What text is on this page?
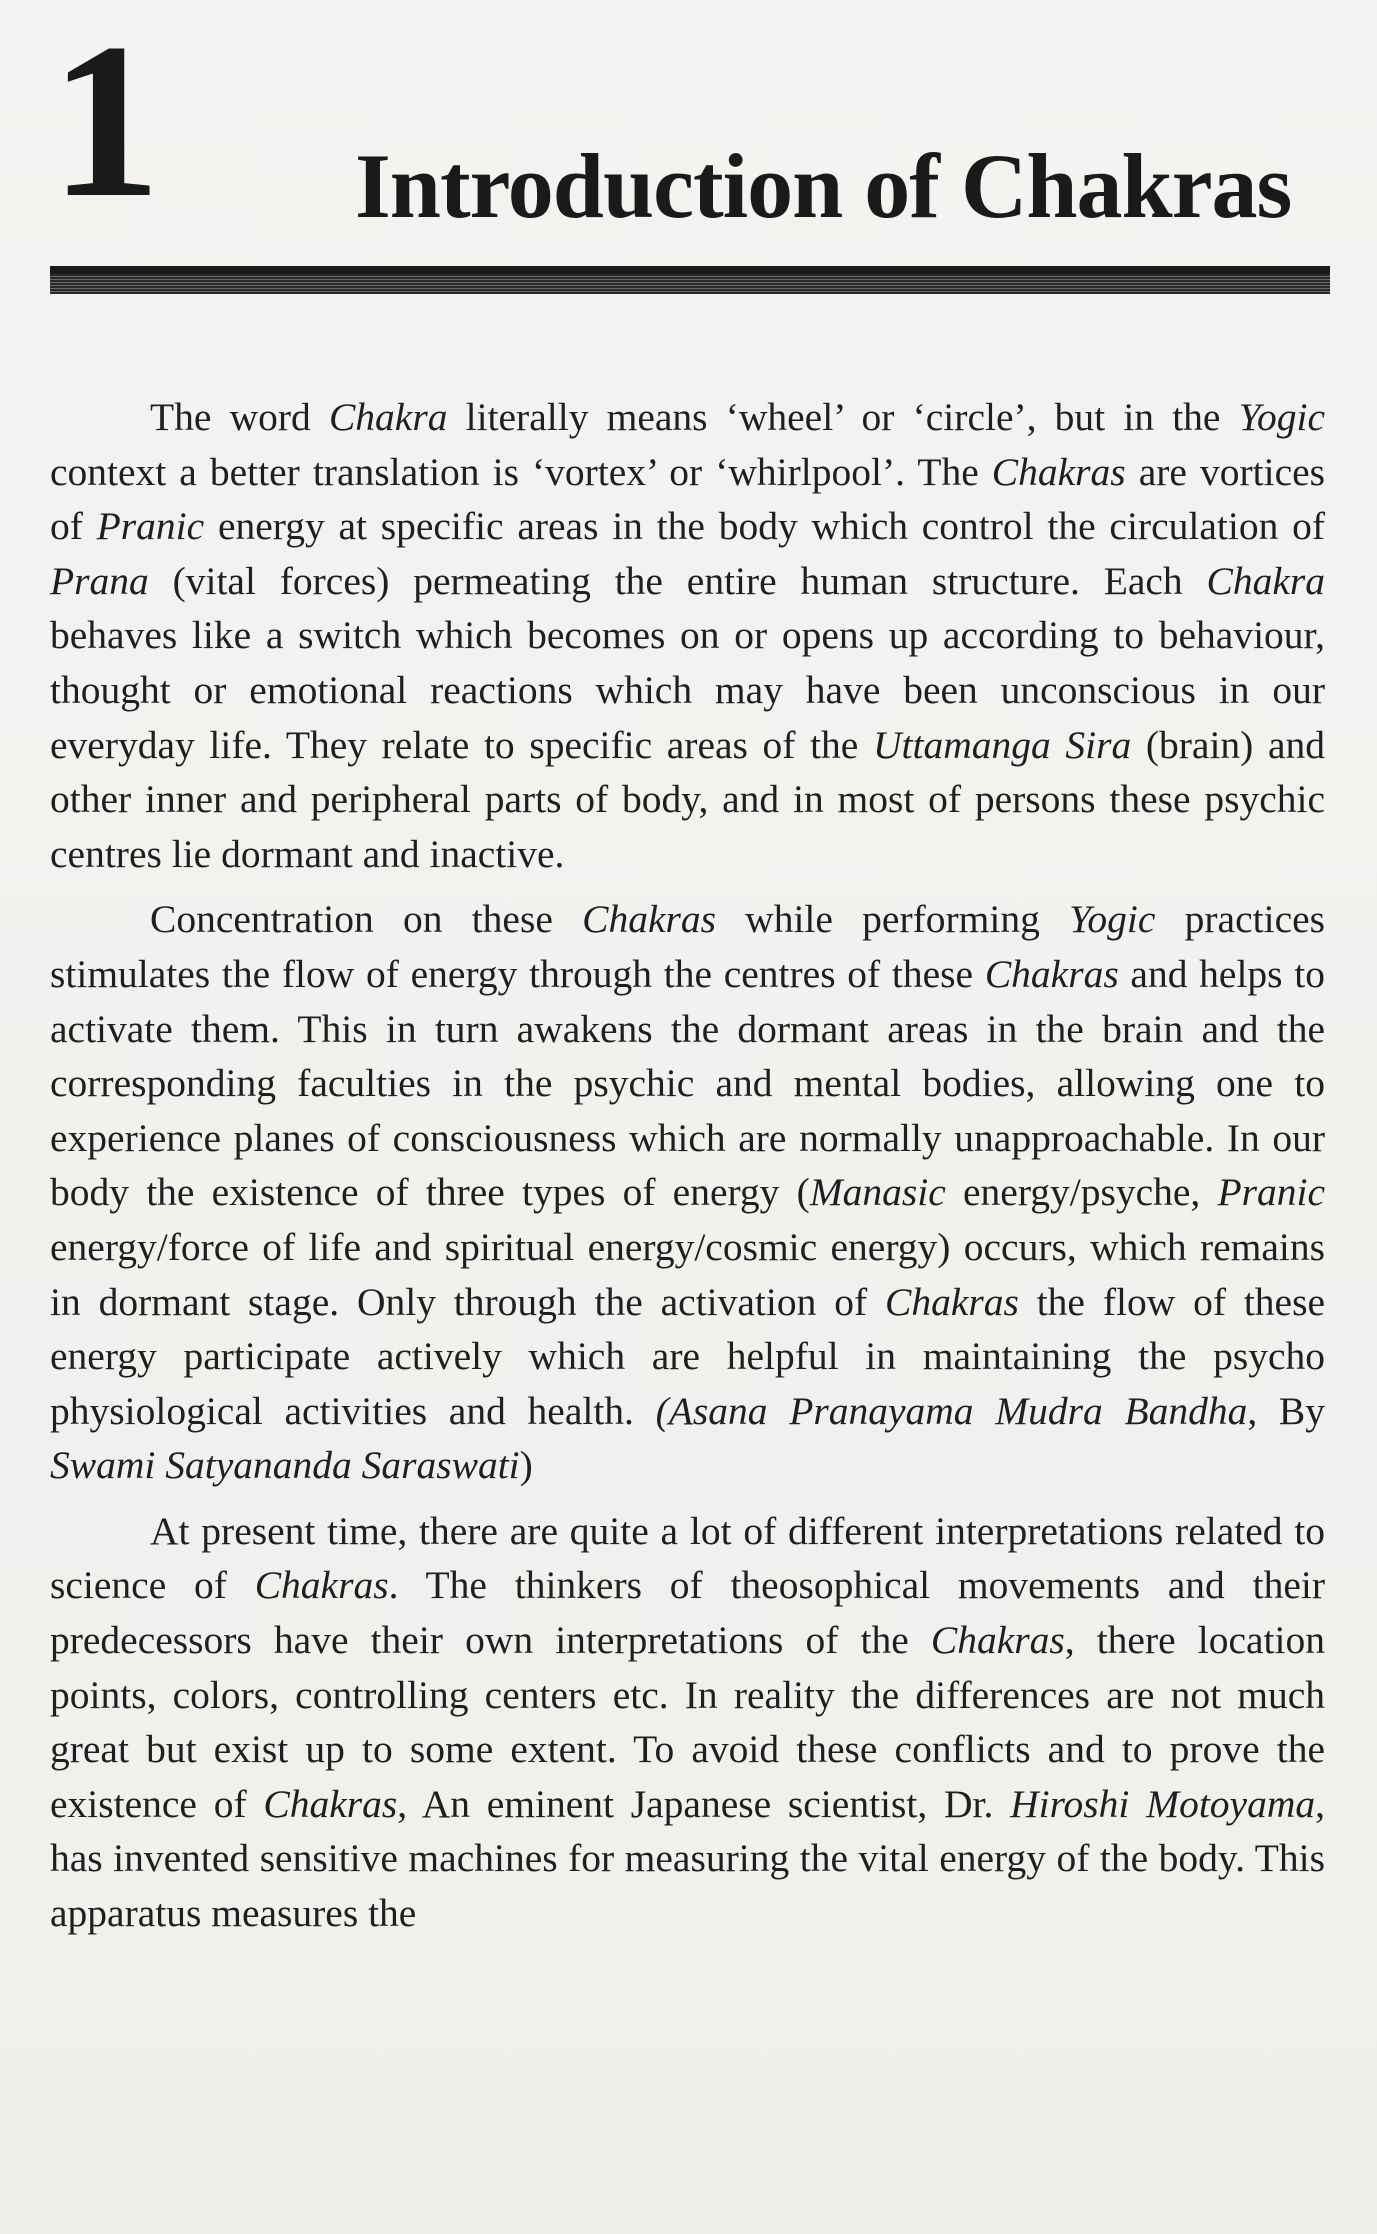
1 Introduction of Chakras

The word Chakra literally means ‘wheel’ or ‘circle’, but in the Yogic context a better translation is ‘vortex’ or ‘whirlpool’. The Chakras are vortices of Pranic energy at specific areas in the body which control the circulation of Prana (vital forces) permeating the entire human structure. Each Chakra behaves like a switch which becomes on or opens up according to behaviour, thought or emotional reactions which may have been unconscious in our everyday life. They relate to specific areas of the Uttamanga Sira (brain) and other inner and peripheral parts of body, and in most of persons these psychic centres lie dormant and inactive.

Concentration on these Chakras while performing Yogic practices stimulates the flow of energy through the centres of these Chakras and helps to activate them. This in turn awakens the dormant areas in the brain and the corresponding faculties in the psychic and mental bodies, allowing one to experience planes of consciousness which are normally unapproachable. In our body the existence of three types of energy (Manasic energy/psyche, Pranic energy/force of life and spiritual energy/cosmic energy) occurs, which remains in dormant stage. Only through the activation of Chakras the flow of these energy participate actively which are helpful in maintaining the psycho physiological activities and health. (Asana Pranayama Mudra Bandha, By Swami Satyananda Saraswati)

At present time, there are quite a lot of different interpretations related to science of Chakras. The thinkers of theosophical movements and their predecessors have their own interpretations of the Chakras, there location points, colors, controlling centers etc. In reality the differences are not much great but exist up to some extent. To avoid these conflicts and to prove the existence of Chakras, An eminent Japanese scientist, Dr. Hiroshi Motoyama, has invented sensitive machines for measuring the vital energy of the body. This apparatus measures the
